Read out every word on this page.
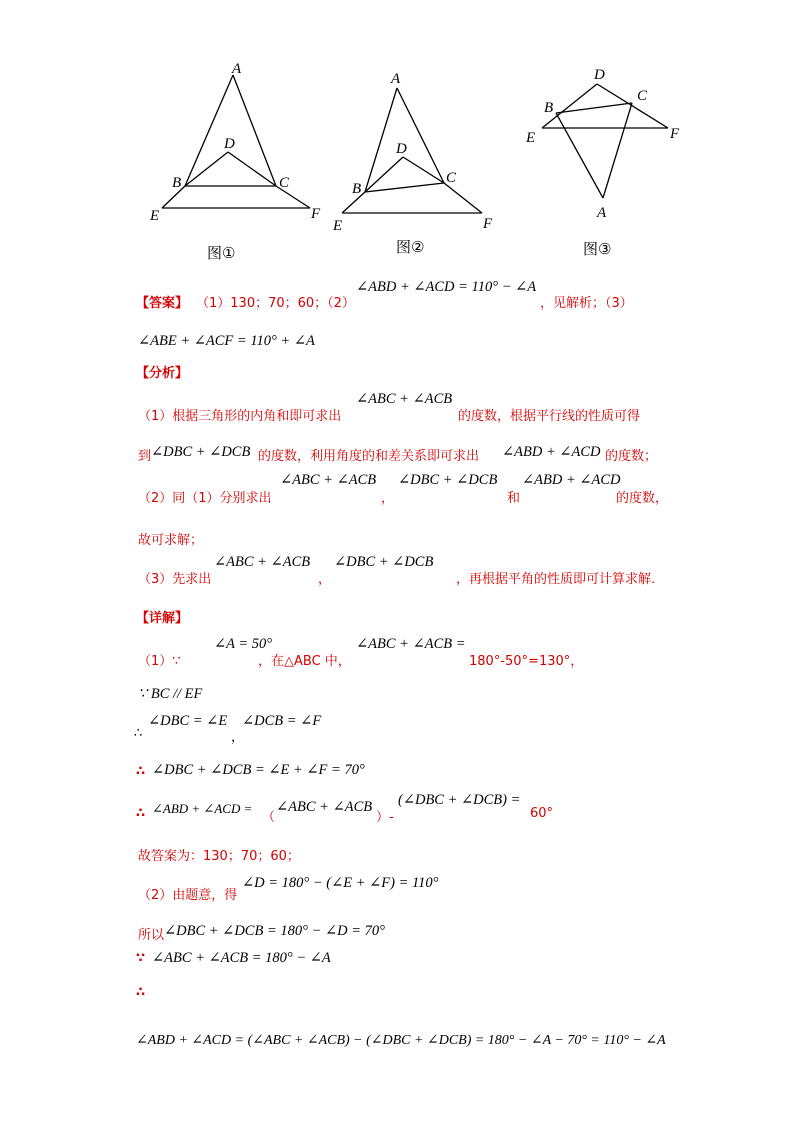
A
D
B	C
E	F
图①
A
D
B
C
E	F
图②
D
C
B
E	F
A
图③
【答案】 （1）130；70；60；（2）
∠ABD + ∠ACD = 110° − ∠A
，见解析；（3）
∠ABE + ∠ACF = 110° + ∠A
【分析】
（1）根据三角形的内角和即可求出
∠ABC + ∠ACB
的度数，根据平行线的性质可得
到 ∠DBC + ∠DCB 的度数，利用角度的和差关系即可求出 ∠ABD + ∠ACD 的度数；
（2）同（1）分别求出
∠ABC + ∠ACB
，
∠DBC + ∠DCB
和
∠ABD + ∠ACD
的度数，
故可求解；
（3）先求出
∠ABC + ∠ACB
，
∠DBC + ∠DCB
，再根据平角的性质即可计算求解.
【详解】
（1）∵
∠A = 50°
，在△ABC 中，
∠ABC + ∠ACB =
180°-50°=130°，
∵ BC // EF
∴
∠DBC = ∠E
，
∠DCB = ∠F
∴ ∠DBC + ∠DCB = ∠E + ∠F = 70°
∴ ∠ABD + ∠ACD =
（
∠ABC + ∠ACB
）-
(∠DBC + ∠DCB) =
60°
故答案为：130；70；60；
（2）由题意，得
∠D = 180° − (∠E + ∠F) = 110°
所以 ∠DBC + ∠DCB = 180° − ∠D = 70°
∵ ∠ABC + ∠ACB = 180° − ∠A
∴
∠ABD + ∠ACD = (∠ABC + ∠ACB) − (∠DBC + ∠DCB) = 180° − ∠A − 70° = 110° − ∠A
